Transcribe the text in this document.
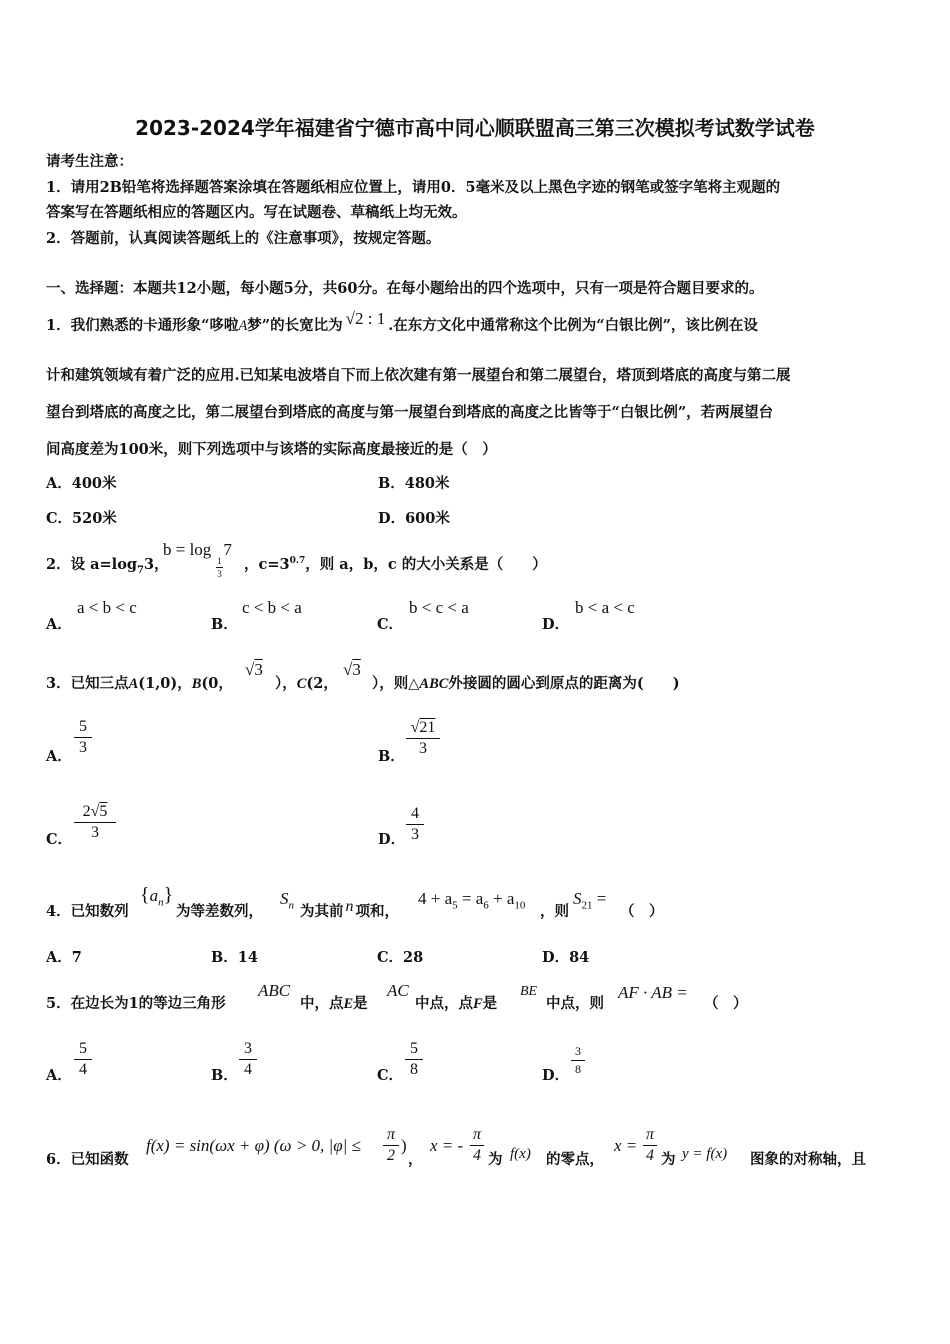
2023-2024学年福建省宁德市高中同心顺联盟高三第三次模拟考试数学试卷
请考生注意：
1．请用2B铅笔将选择题答案涂填在答题纸相应位置上，请用0．5毫米及以上黑色字迹的钢笔或签字笔将主观题的
答案写在答题纸相应的答题区内。写在试题卷、草稿纸上均无效。
2．答题前，认真阅读答题纸上的《注意事项》，按规定答题。
一、选择题：本题共12小题，每小题5分，共60分。在每小题给出的四个选项中，只有一项是符合题目要求的。
1．我们熟悉的卡通形象“哆啦A梦”的长宽比为 √2 : 1 .在东方文化中通常称这个比例为“白银比例”，该比例在设
计和建筑领域有着广泛的应用.已知某电波塔自下而上依次建有第一展望台和第二展望台，塔顶到塔底的高度与第二展
望台到塔底的高度之比，第二展望台到塔底的高度与第一展望台到塔底的高度之比皆等于“白银比例”，若两展望台
间高度差为100米，则下列选项中与该塔的实际高度最接近的是（　）
A．400米	B．480米
C．520米	D．600米
2．设 $a=\log_73$，
b = log 7
1
3
，$c=3^{0.7}$，则 a，b，c 的大小关系是（　　）
A．
a < b < c
B．
c < b < a
C．
b < c < a
D．
b < a < c
3．已知三点A(1,0)，B(0，
√3
），C(2，
√3
），则△ABC外接圆的圆心到原点的距离为(　　)
A．
5
3
B．
√21
3
C．
2√5
3	D．
4
3
4．已知数列
$\{a_n\}$
为等差数列，
$S_n$ 为其前 n 项和，
$4 + a_5 = a_6 + a_{10}$ ，则
$S_{21}$ =
（　）
A．7	B．14	C．28	D．84
5．在边长为1的等边三角形
ABC
中，点E是
AC
中点，点F是
BE
中点，则
AF · AB =
（　）
A．
5
4	B．
3
4	C．
5
8	D．
3
8
6．已知函数
f(x) = sin(ωx + φ) (ω > 0, |φ| ≤
π
2
)
，
x = -
π
4 为 f(x) 的零点，
x =
π
4 为 y = f(x) 图象的对称轴，且
